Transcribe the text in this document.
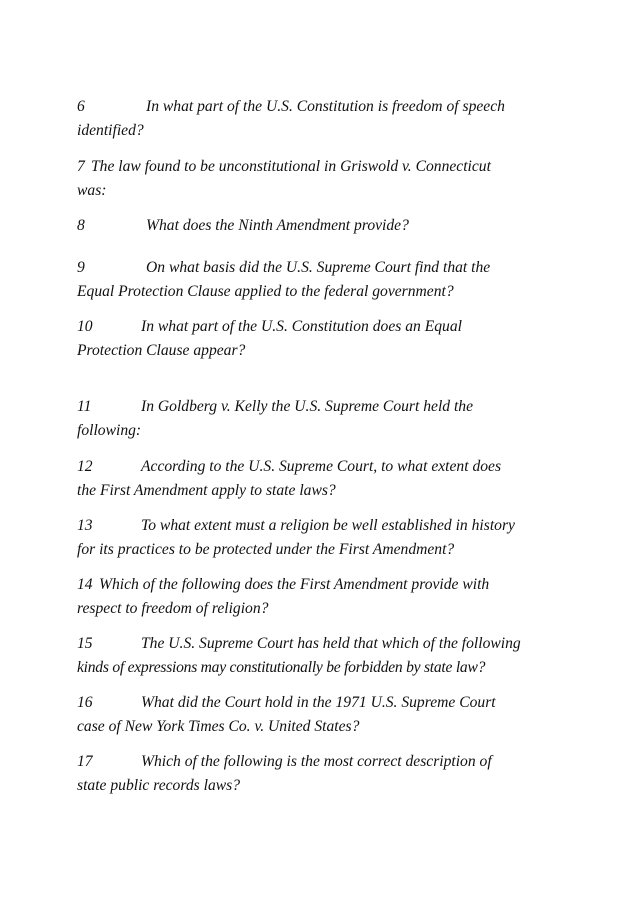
6	In what part of the U.S. Constitution is freedom of speech
identified?
7 The law found to be unconstitutional in Griswold v. Connecticut
was:
8	What does the Ninth Amendment provide?
9	On what basis did the U.S. Supreme Court find that the
Equal Protection Clause applied to the federal government?
10	In what part of the U.S. Constitution does an Equal
Protection Clause appear?
11	In Goldberg v. Kelly the U.S. Supreme Court held the
following:
12	According to the U.S. Supreme Court, to what extent does
the First Amendment apply to state laws?
13	To what extent must a religion be well established in history
for its practices to be protected under the First Amendment?
14 Which of the following does the First Amendment provide with
respect to freedom of religion?
15	The U.S. Supreme Court has held that which of the following
kinds of expressions may constitutionally be forbidden by state law?
16	What did the Court hold in the 1971 U.S. Supreme Court
case of New York Times Co. v. United States?
17	Which of the following is the most correct description of
state public records laws?
